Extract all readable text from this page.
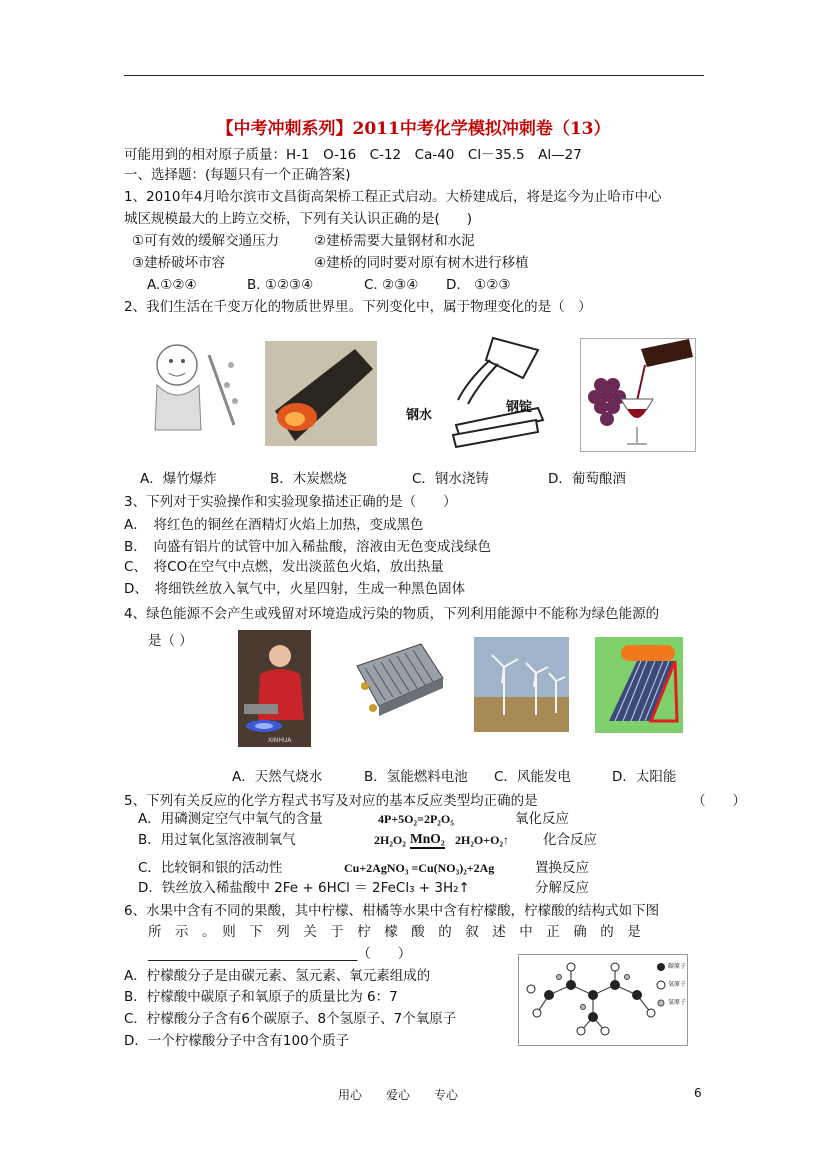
【中考冲刺系列】2011中考化学模拟冲刺卷（13）
可能用到的相对原子质量：H-1　O-16　C-12　Ca-40　Cl－35.5　Al—27
一、选择题：(每题只有一个正确答案)
1、2010年4月哈尔滨市文昌街高架桥工程正式启动。大桥建成后，将是迄今为止哈市中心
城区规模最大的上跨立交桥，下列有关认识正确的是(　　)
①可有效的缓解交通压力	②建桥需要大量钢材和水泥
③建桥破坏市容	④建桥的同时要对原有树木进行移植
A.①②④	B. ①②③④	C. ②③④ D.　①②③
2、我们生活在千变万化的物质世界里。下列变化中，属于物理变化的是（　）
钢水
钢锭
A．爆竹爆炸	B．木炭燃烧	C．钢水浇铸	D．葡萄酿酒
3、下列对于实验操作和实验现象描述正确的是（　　）
A．　将红色的铜丝在酒精灯火焰上加热，变成黑色
B．　向盛有铝片的试管中加入稀盐酸，溶液由无色变成浅绿色
C、　将CO在空气中点燃，发出淡蓝色火焰，放出热量
D、　将细铁丝放入氧气中，火星四射，生成一种黑色固体
4、绿色能源不会产生或残留对环境造成污染的物质，下列利用能源中不能称为绿色能源的
是（ ）
XINHUA
A．天然气烧水	B．氢能燃料电池 C．风能发电	D．太阳能
5、下列有关反应的化学方程式书写及对应的基本反应类型均正确的是	（　　）
A．用磷测定空气中氧气的含量	4P+5O₂=2P₂O₅	氧化反应
B．用过氧化氢溶液制氧气	2H₂O₂ MnO₂ 2H₂O+O₂↑	化合反应
C．比较铜和银的活动性	Cu+2AgNO₃ =Cu(NO₃)₂+2Ag	置换反应
D．铁丝放入稀盐酸中 2Fe + 6HCl ＝ 2FeCl₃ + 3H₂↑	分解反应
6、水果中含有不同的果酸，其中柠檬、柑橘等水果中含有柠檬酸，柠檬酸的结构式如下图
所　示　。　则　下　列　关　于　柠　檬　酸　的　叙　述　中　正　确　的　是
_______________________________（　　）
A．柠檬酸分子是由碳元素、氢元素、氧元素组成的
B．柠檬酸中碳原子和氧原子的质量比为 6：7
C．柠檬酸分子含有6个碳原子、8个氢原子、7个氧原子
D．一个柠檬酸分子中含有100个质子
碳原子
氧原子
氢原子
用心　　爱心　　专心	6
